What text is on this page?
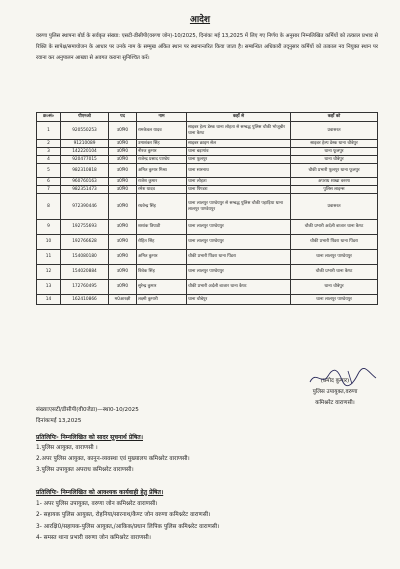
आदेश
वरुणा पुलिस स्थापना बोर्ड के सर्वकृत संख्या: एसटी-डीसीपी(वरुणा जोन)-10/2025, दिनांकः मई 13,2025 में लिए गए निर्णय के अनुसार निम्नलिखित कर्मियों को तत्काल प्रभाव से रिक्ति के सापेक्ष/समायोजन के आधार पर उनके नाम के सम्मुख अंकित स्थान पर स्थानान्तरित किया जाता है। सम्बन्धित अधिकारी तद्नुसार कर्मियों को तत्काल नव नियुक्त स्थान पर रवाना कर अनुपालन आख्या से अवगत कराना सुनिश्चित करें।
क्र०सं०	पीएनओ	पद	नाम	कहाँ से	कहाँ को
1	920550253	उ0नि0	रामकेवल यादव	साइबर हेल्प डेस्क थाना लोहता से सम्बद्ध पुलिस चौकी भोजूबीर थाना कैण्ट	प्रवासरत
2	91210089	उ0नि0	उमाशंकर सिंह	साइबर क्राइम सेल	साइबर हेल्प डेस्क थाना चौबेपुर
3	142220104	उ0नि0	नीरज कुमार	थाना बड़ागांव	थाना फूलपुर
4	920477015	उ0नि0	राजेन्द्र प्रसाद पाण्डेय	थाना फूलपुर	थाना चौबेपुर
5	982310818	उ0नि0	अमित कुमार मिश्रा	थाना सारनाथ	चौकी प्रभारी फूलपुर थाना फूलपुर
6	960760163	उ0नि0	राजेश कुमार	थाना लोहता	अपराध शाखा वरुणा
7	982351473	उ0नि0	रमेश यादव	थाना पिण्डरा	पुलिस लाइन्स
8	972390446	उ0नि0	रघवेन्द्र सिंह	थाना लालपुर पाण्डेयपुर से सम्बद्ध पुलिस चौकी पहाड़िया थाना लालपुर पाण्डेयपुर	प्रवासरत
9	192755693	उ0नि0	शशांक त्रिपाठी	थाना लालपुर पाण्डेयपुर	चौकी प्रभारी अर्दली बाजार थाना कैण्ट
10	192766628	उ0नि0	रोहित सिंह	थाना लालपुर पाण्डेयपुर	चौकी प्रभारी पिंडरा थाना पिंडरा
11	154080180	उ0नि0	अमित कुमार	चौकी प्रभारी पिंडरा थाना पिंडरा	थाना लालपुर पाण्डेयपुर
12	154020884	उ0नि0	विवेक सिंह	थाना लालपुर पाण्डेयपुर	चौकी प्रभारी थाना कैण्ट
13	172760495	उ0नि0	सुरेन्द्र कुमार	चौकी प्रभारी अर्दली बाजार थाना कैण्ट	थाना चौबेपुर
14	162410866	म0आरक्षी	लक्ष्मी कुमारी	थाना चौबेपुर	थाना लालपुर पाण्डेयपुर
(प्रमोद कुमार)
पुलिस उपायुक्त,वरुणा
कमिश्नरेट वाराणसी।
संख्याःएसटी/डीसीपी(वी0जेडा)—स्था0-10/2025
दिनांकःमई 13,2025
प्रतिलिपिः- निम्नलिखित को सादर सूचनार्थ प्रेषित।
1.पुलिस आयुक्त, वाराणसी ।
2.अपर पुलिस आयुक्त, कानून-व्यवस्था एवं मुख्यालय कमिश्नरेट वाराणसी।
3.पुलिस उपायुक्त अपराध कमिश्नरेट वाराणसी।
प्रतिलिपिः- निम्नलिखित को आवश्यक कार्यवाही हेतु प्रेषित।
1- अपर पुलिस उपायुक्त, वरुणा जोन कमिश्नरेट वाराणसी।
2- सहायक पुलिस आयुक्त, रोहनिया/सारनाथ/कैण्ट जोन वरुणा कमिश्नरेट वाराणसी।
3- आरक्षि0/सहायक-पुलिस आयुक्त,/आकिक/प्रधान लिपिक पुलिस कमिश्नरेट वाराणसी।
4- समस्त थाना प्रभारी वरुणा जोन कमिश्नरेट वाराणसी।
